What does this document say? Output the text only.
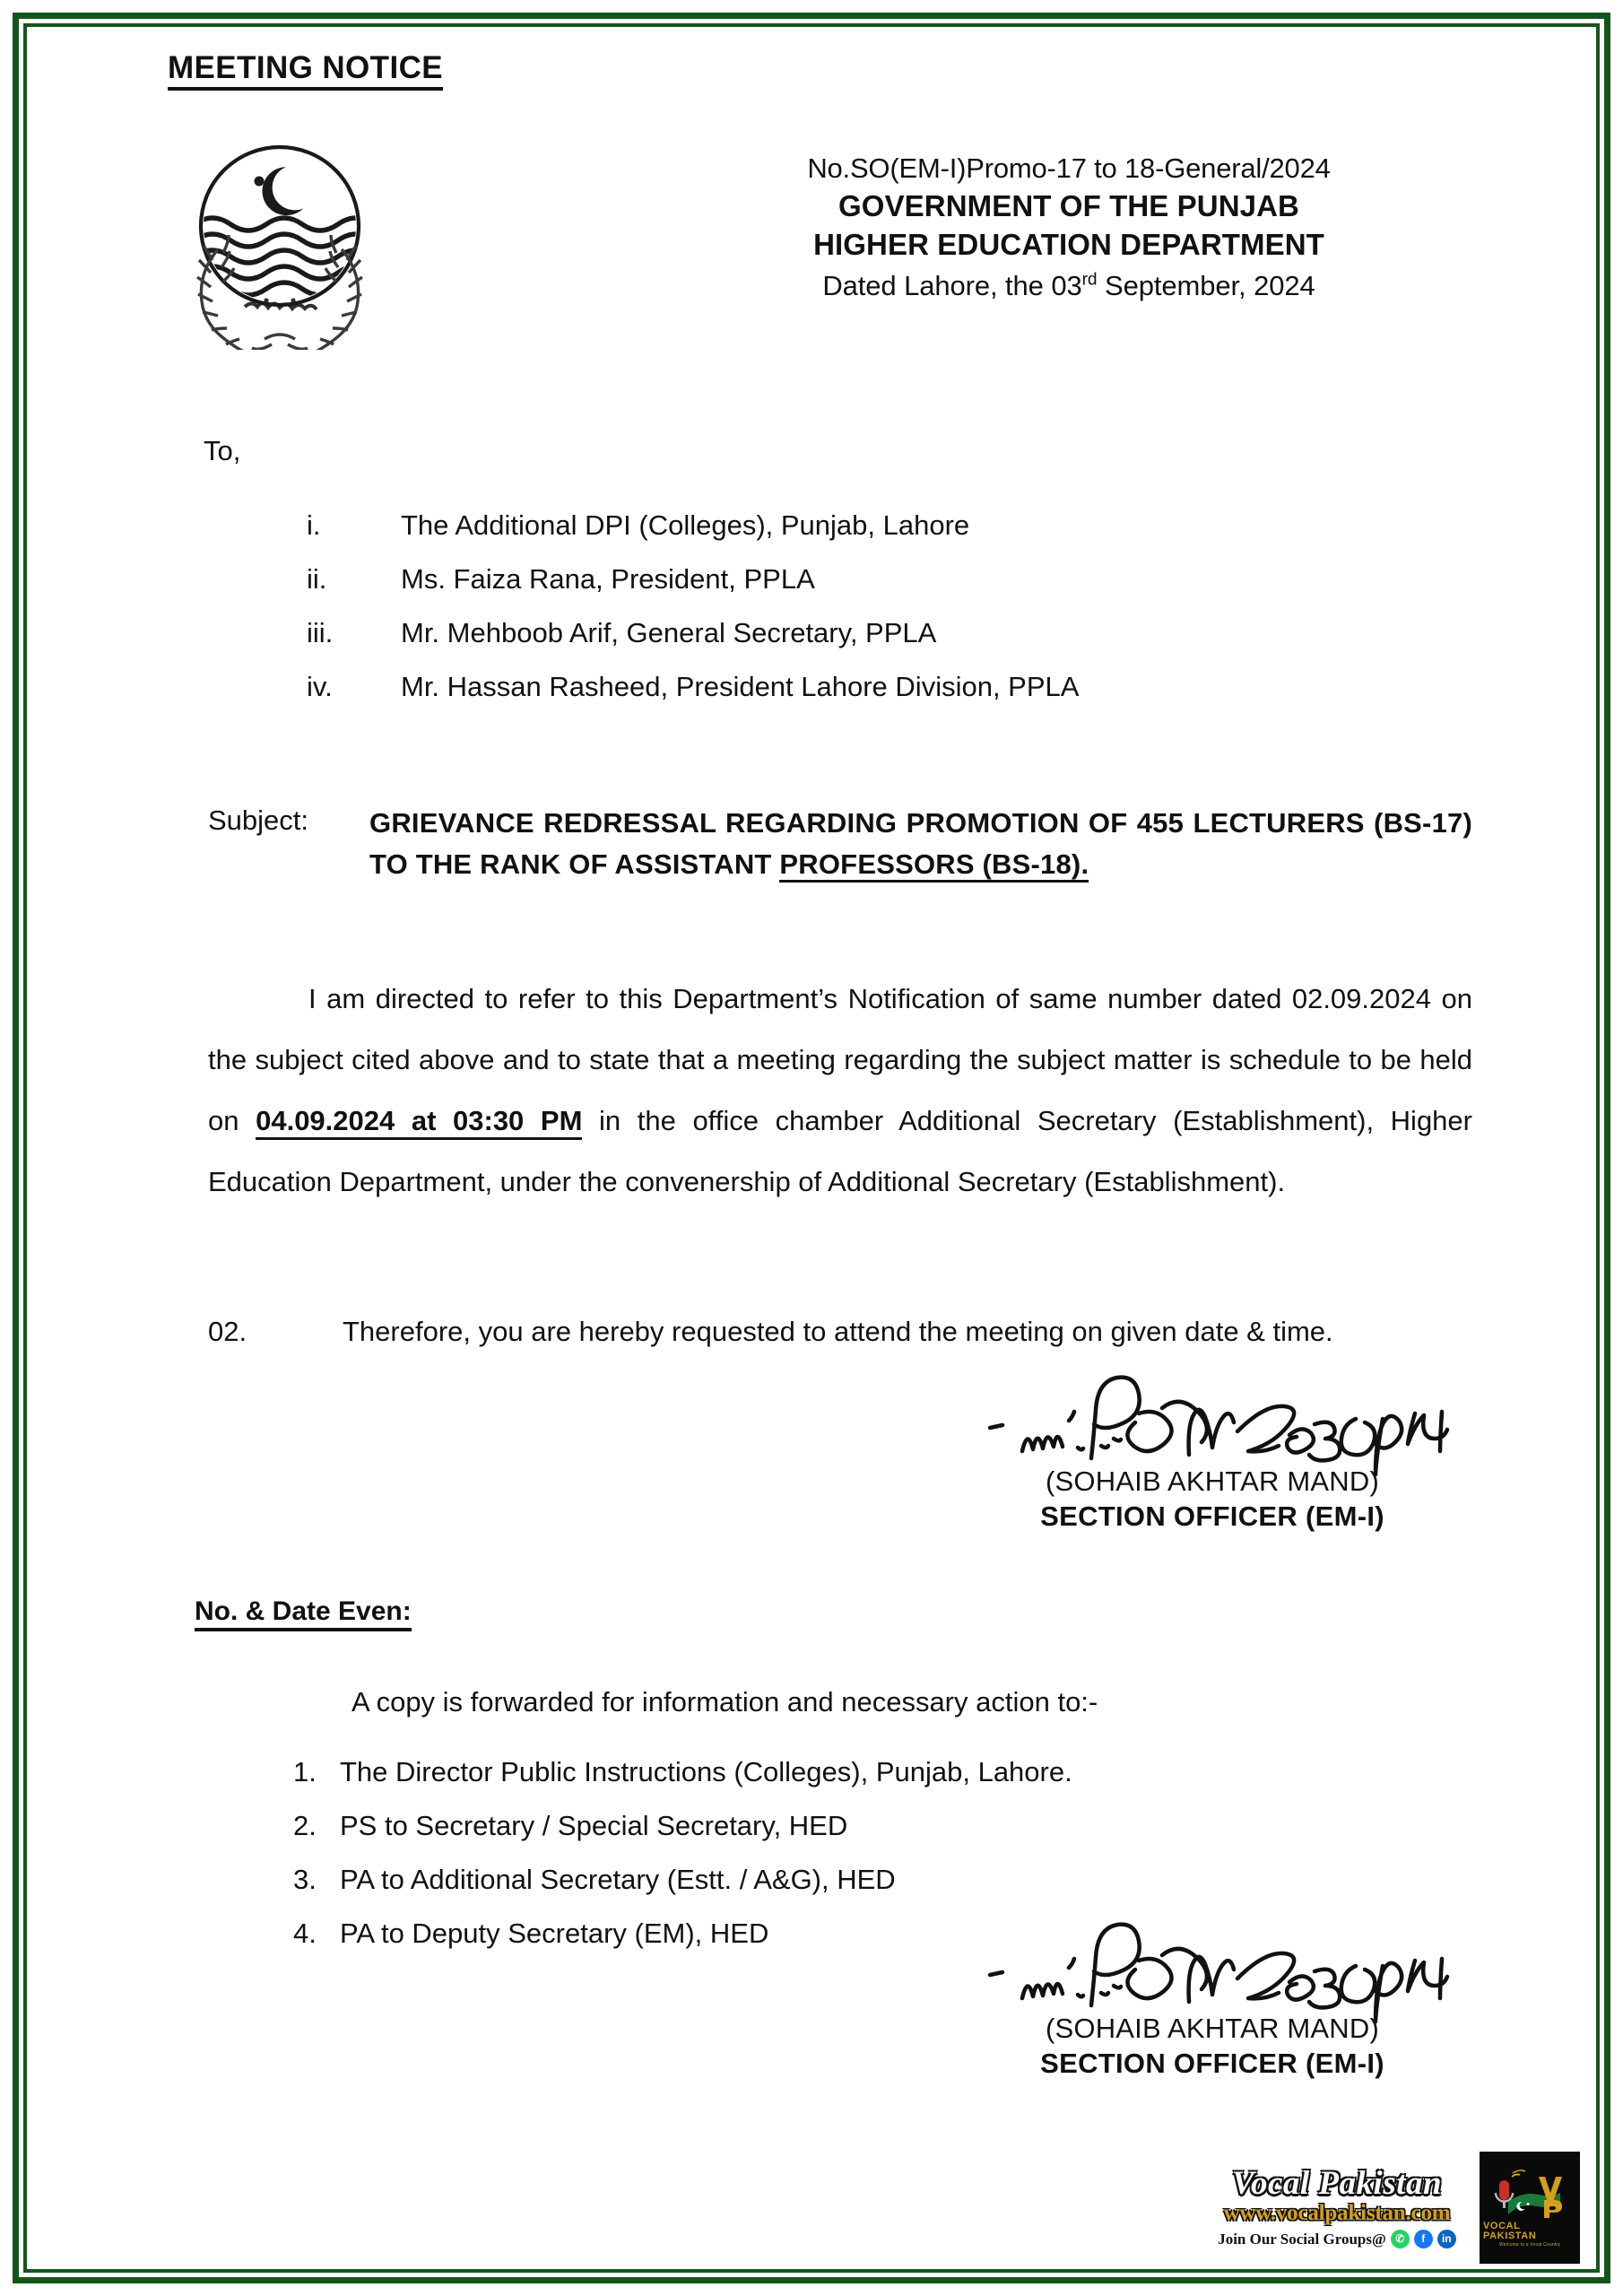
MEETING NOTICE
No.SO(EM-I)Promo-17 to 18-General/2024
GOVERNMENT OF THE PUNJAB
HIGHER EDUCATION DEPARTMENT
Dated Lahore, the 03rd September, 2024
To,
i.	The Additional DPI (Colleges), Punjab, Lahore
ii.	Ms. Faiza Rana, President, PPLA
iii.	Mr. Mehboob Arif, General Secretary, PPLA
iv.	Mr. Hassan Rasheed, President Lahore Division, PPLA
Subject:	GRIEVANCE REDRESSAL REGARDING PROMOTION OF 455 LECTURERS (BS-17) TO THE RANK OF ASSISTANT PROFESSORS (BS-18).

I am directed to refer to this Department’s Notification of same number dated 02.09.2024 on the subject cited above and to state that a meeting regarding the subject matter is schedule to be held on 04.09.2024 at 03:30 PM in the office chamber Additional Secretary (Establishment), Higher Education Department, under the convenership of Additional Secretary (Establishment).

02.	Therefore, you are hereby requested to attend the meeting on given date & time.

(SOHAIB AKHTAR MAND)
SECTION OFFICER (EM-I)
No. & Date Even:
A copy is forwarded for information and necessary action to:-
1. The Director Public Instructions (Colleges), Punjab, Lahore.
2. PS to Secretary / Special Secretary, HED
3. PA to Additional Secretary (Estt. / A&G), HED
4. PA to Deputy Secretary (EM), HED
(SOHAIB AKHTAR MAND)
SECTION OFFICER (EM-I)
Vocal Pakistan
www.vocalpakistan.com
Join Our Social Groups@ ✆	f	in
VOCAL PAKISTAN
Welcome to a Vocal Country
